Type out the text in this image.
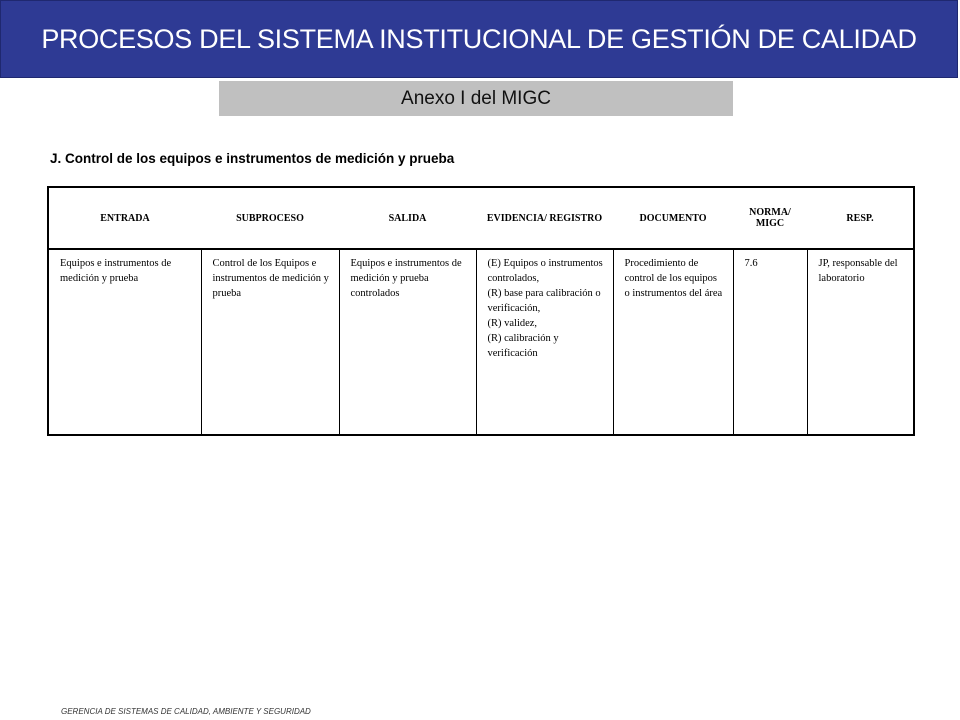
PROCESOS DEL SISTEMA INSTITUCIONAL DE GESTIÓN DE CALIDAD
Anexo I del MIGC
J. Control de los equipos e instrumentos de medición y prueba
ENTRADA	SUBPROCESO	SALIDA	EVIDENCIA/ REGISTRO	DOCUMENTO	NORMA/ MIGC	RESP.
Equipos e instrumentos de medición y prueba	Control de los Equipos e instrumentos de medición y prueba	Equipos e instrumentos de medición y prueba controlados	(E) Equipos o instrumentos controlados,
(R) base para calibración o verificación,
(R) validez,
(R) calibración y verificación	Procedimiento de control de los equipos o instrumentos del área	7.6	JP, responsable del laboratorio
GERENCIA DE SISTEMAS DE CALIDAD, AMBIENTE Y SEGURIDAD
